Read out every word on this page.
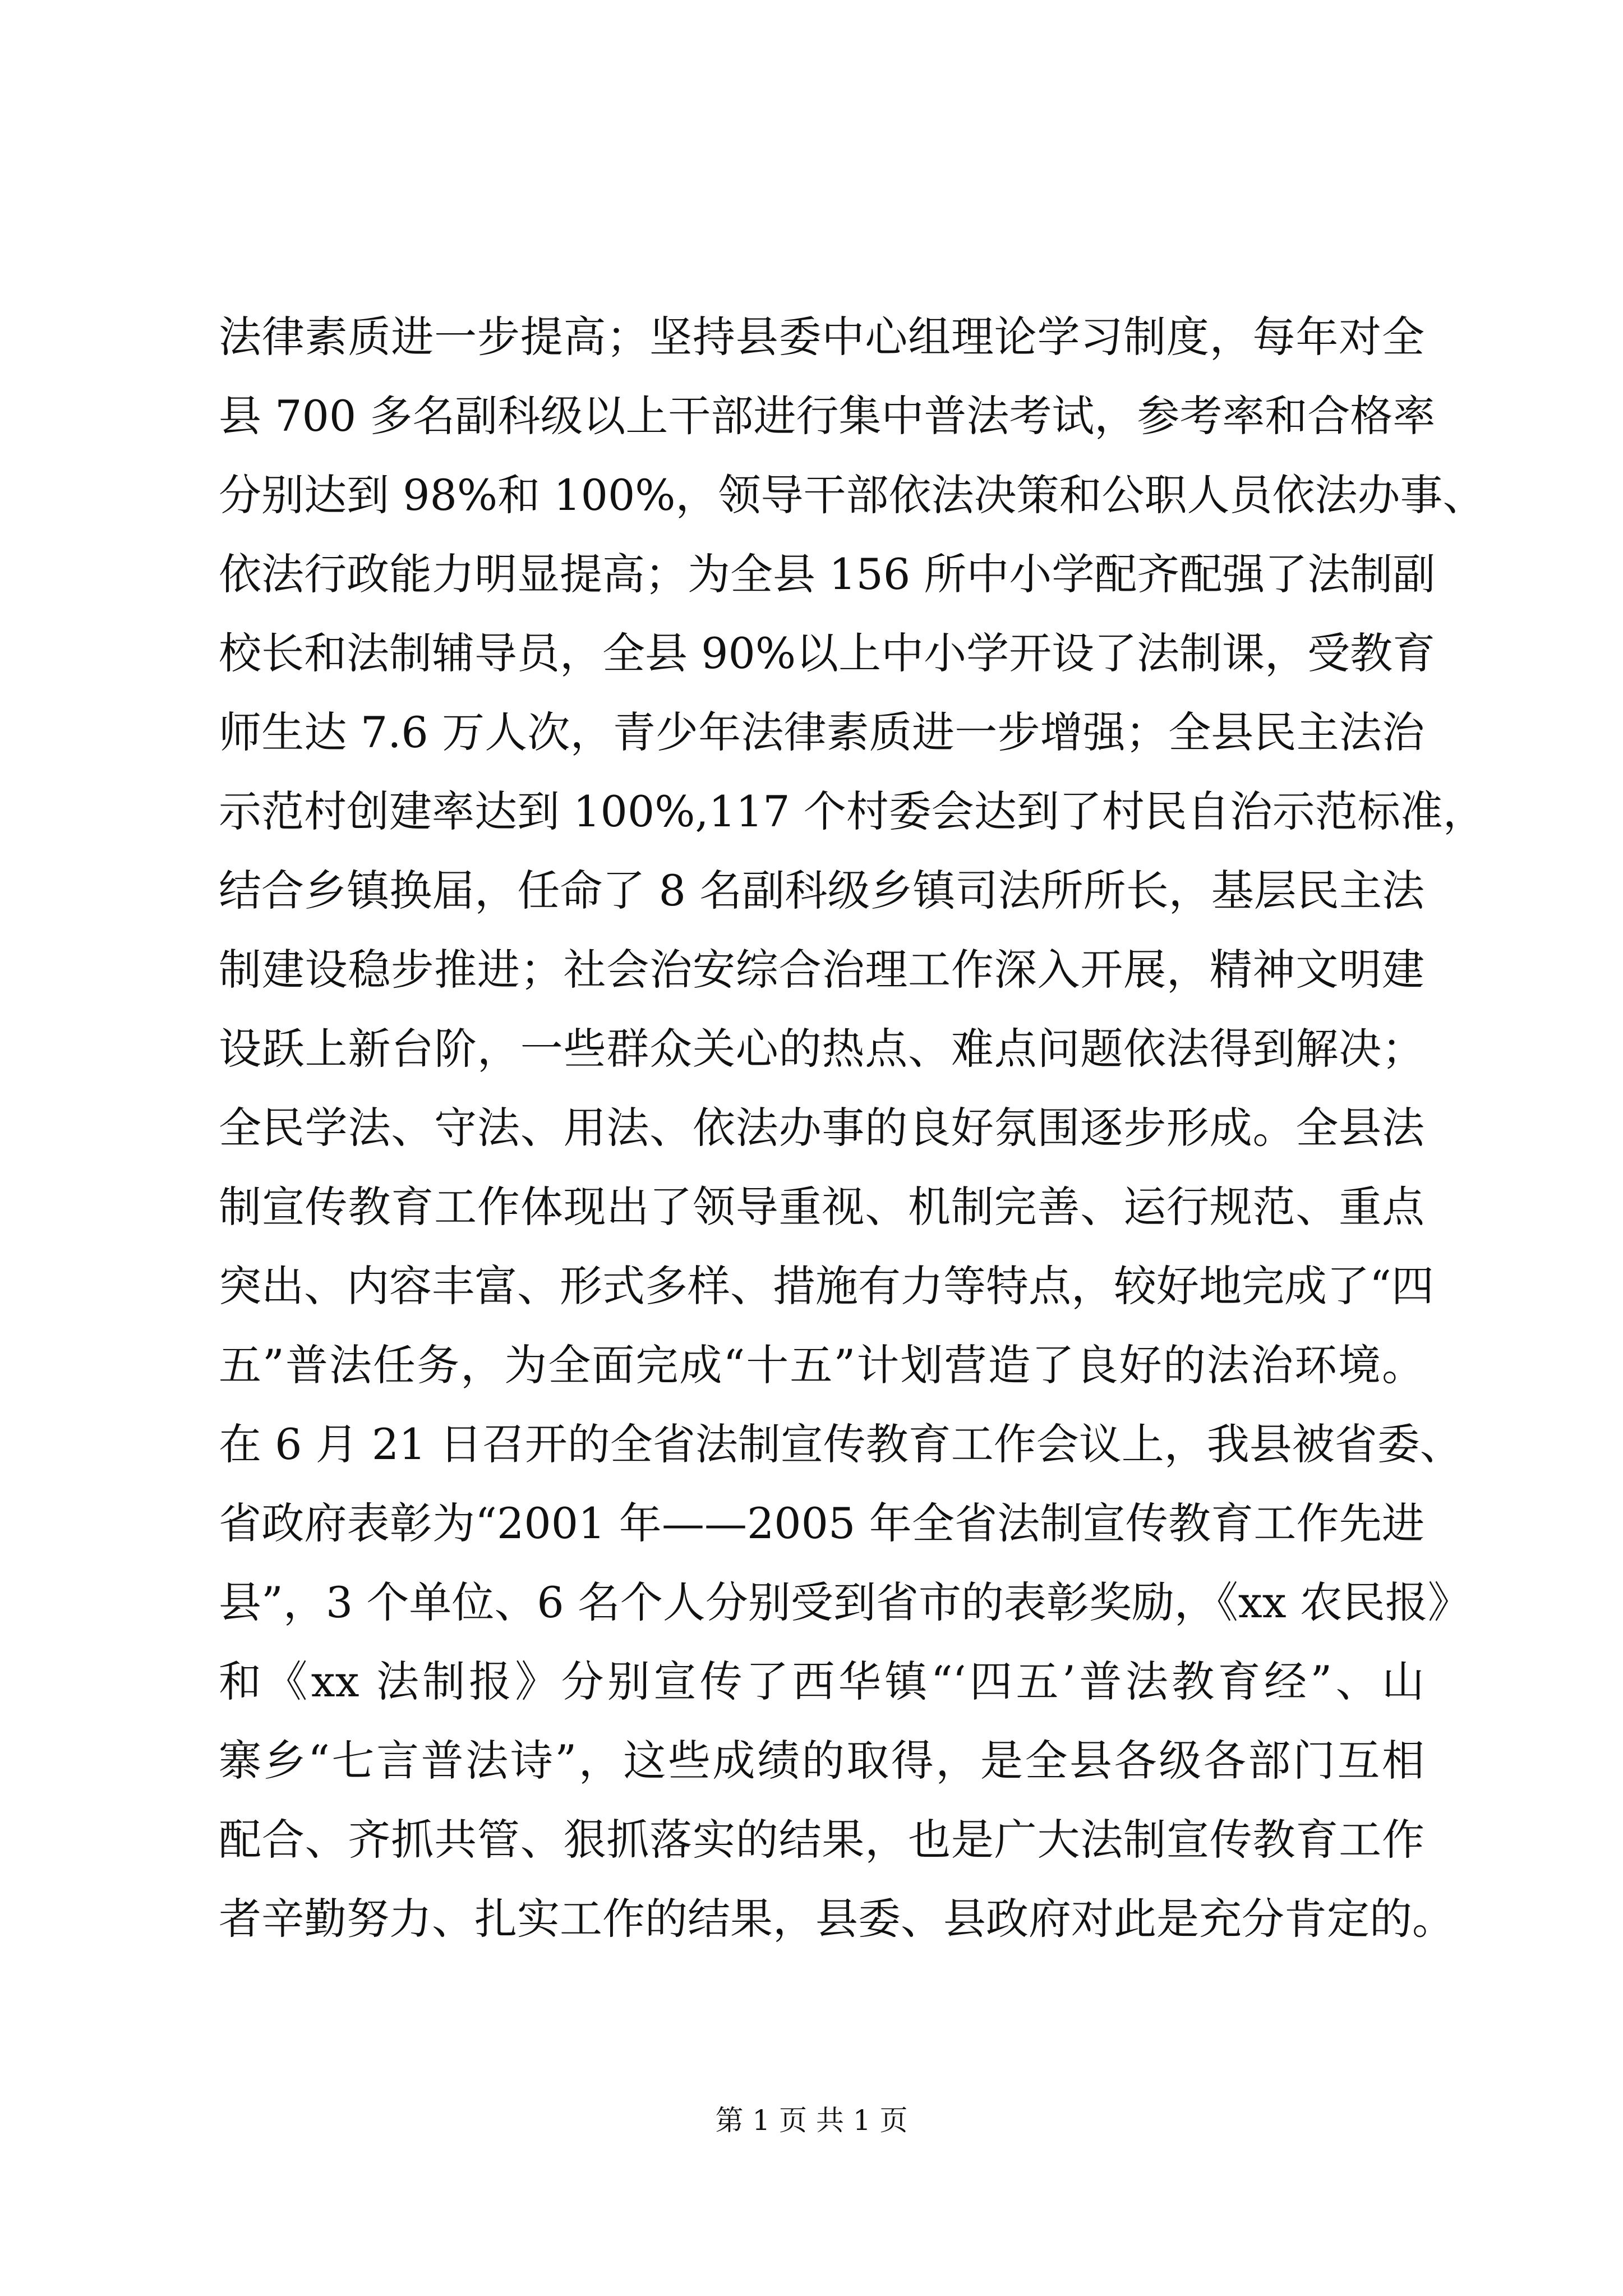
法律素质进一步提高；坚持县委中心组理论学习制度，每年对全
县 700 多名副科级以上干部进行集中普法考试，参考率和合格率
分别达到 98%和 100%，领导干部依法决策和公职人员依法办事、
依法行政能力明显提高；为全县 156 所中小学配齐配强了法制副
校长和法制辅导员，全县 90%以上中小学开设了法制课，受教育
师生达 7.6 万人次，青少年法律素质进一步增强；全县民主法治
示范村创建率达到 100%,117 个村委会达到了村民自治示范标准，
结合乡镇换届，任命了 8 名副科级乡镇司法所所长，基层民主法
制建设稳步推进；社会治安综合治理工作深入开展，精神文明建
设跃上新台阶，一些群众关心的热点、难点问题依法得到解决；
全民学法、守法、用法、依法办事的良好氛围逐步形成。全县法
制宣传教育工作体现出了领导重视、机制完善、运行规范、重点
突出、内容丰富、形式多样、措施有力等特点，较好地完成了“四
五”普法任务，为全面完成“十五”计划营造了良好的法治环境。
在 6 月 21 日召开的全省法制宣传教育工作会议上，我县被省委、
省政府表彰为“2001 年——2005 年全省法制宣传教育工作先进
县”，3 个单位、6 名个人分别受到省市的表彰奖励，《xx 农民报》
和《xx 法制报》分别宣传了西华镇“‘四五’普法教育经”、山
寨乡“七言普法诗”，这些成绩的取得，是全县各级各部门互相
配合、齐抓共管、狠抓落实的结果，也是广大法制宣传教育工作
者辛勤努力、扎实工作的结果，县委、县政府对此是充分肯定的。
第 1 页 共 1 页
